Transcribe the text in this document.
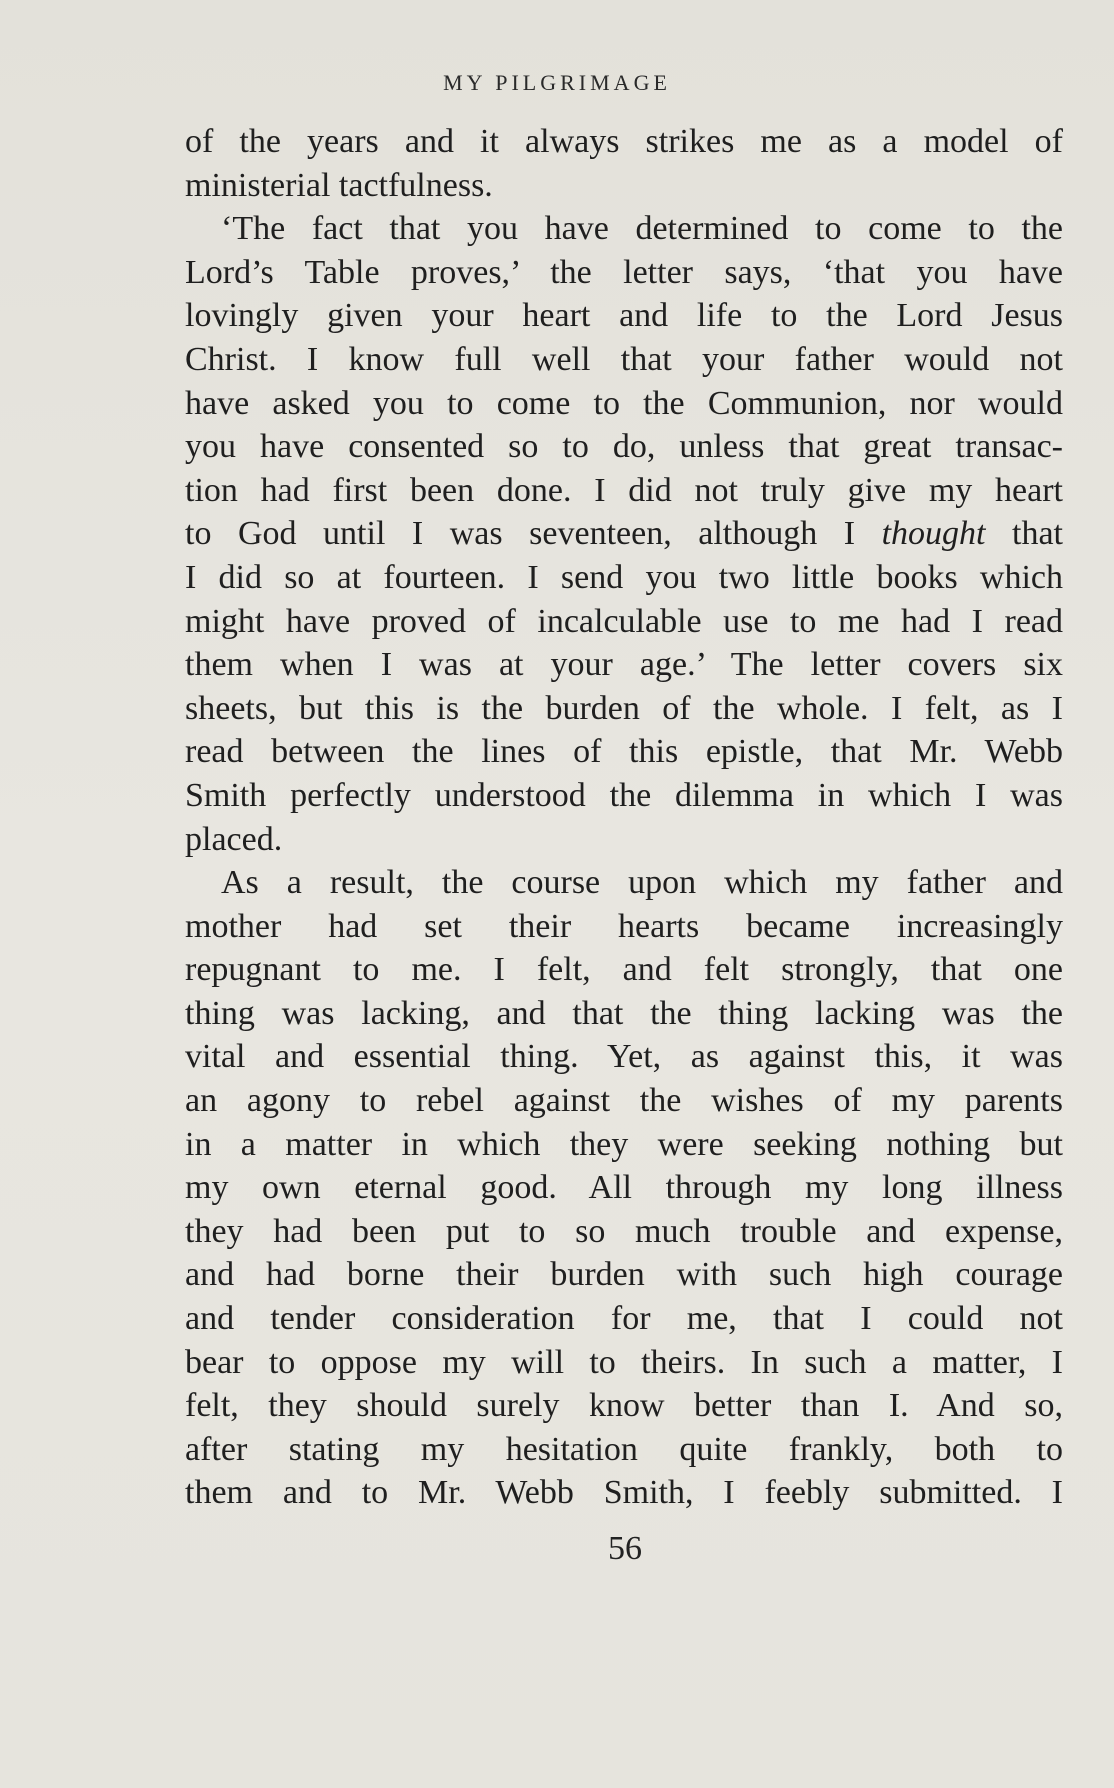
MY PILGRIMAGE
of the years and it always strikes me as a model of
ministerial tactfulness.
‘The fact that you have determined to come to the
Lord’s Table proves,’ the letter says, ‘that you have
lovingly given your heart and life to the Lord Jesus
Christ. I know full well that your father would not
have asked you to come to the Communion, nor would
you have consented so to do, unless that great transac-
tion had first been done. I did not truly give my heart
to God until I was seventeen, although I thought that
I did so at fourteen. I send you two little books which
might have proved of incalculable use to me had I read
them when I was at your age.’ The letter covers six
sheets, but this is the burden of the whole. I felt, as I
read between the lines of this epistle, that Mr. Webb
Smith perfectly understood the dilemma in which I was
placed.
As a result, the course upon which my father and
mother had set their hearts became increasingly
repugnant to me. I felt, and felt strongly, that one
thing was lacking, and that the thing lacking was the
vital and essential thing. Yet, as against this, it was
an agony to rebel against the wishes of my parents
in a matter in which they were seeking nothing but
my own eternal good. All through my long illness
they had been put to so much trouble and expense,
and had borne their burden with such high courage
and tender consideration for me, that I could not
bear to oppose my will to theirs. In such a matter, I
felt, they should surely know better than I. And so,
after stating my hesitation quite frankly, both to
them and to Mr. Webb Smith, I feebly submitted. I
56
